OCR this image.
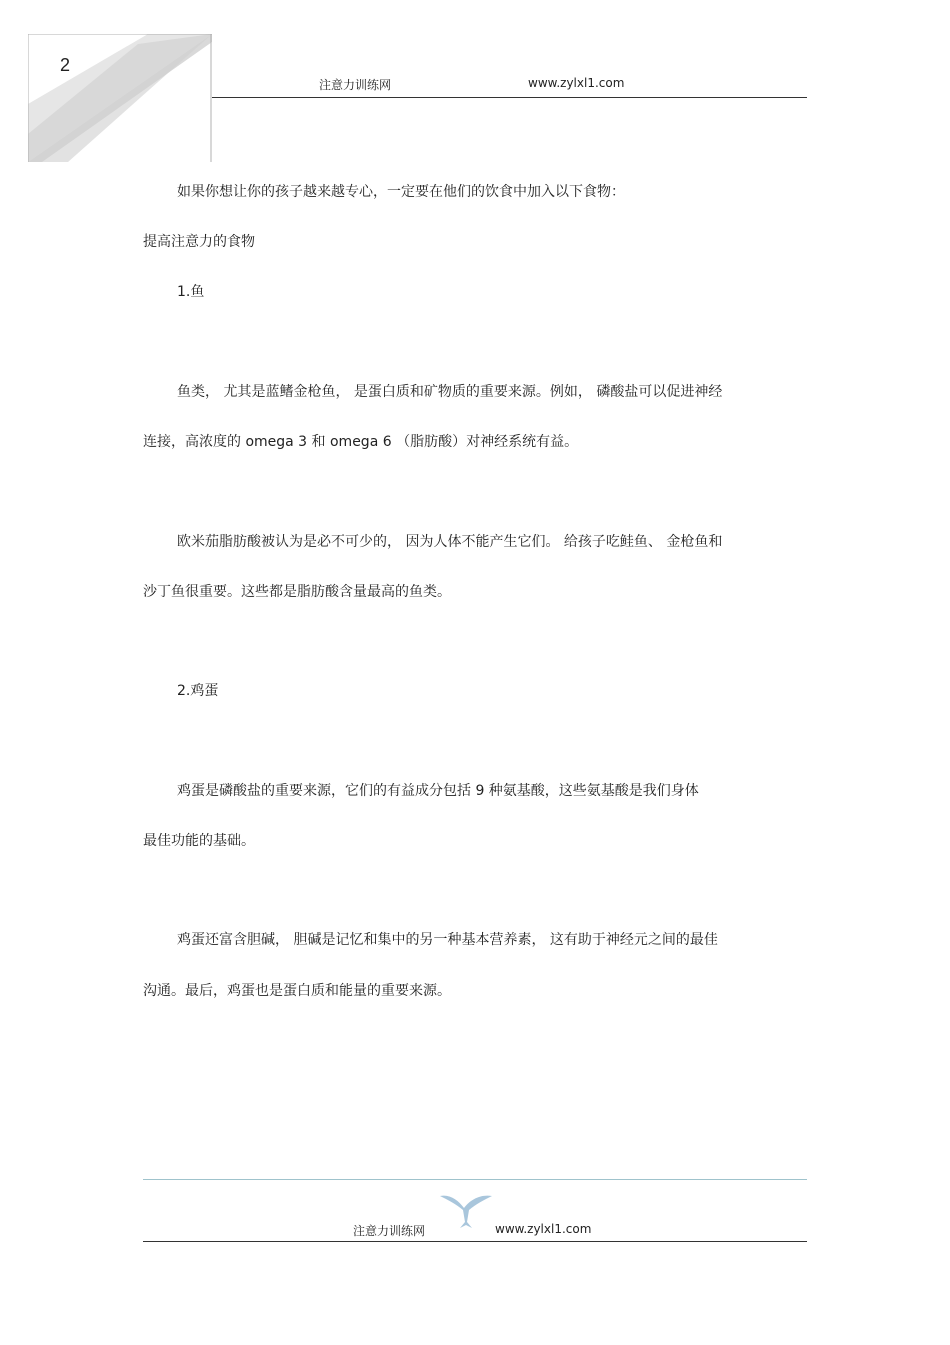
2
注意力训练网	www.zylxl1.com
如果你想让你的孩子越来越专心，一定要在他们的饮食中加入以下食物：
提高注意力的食物
1.鱼
鱼类， 尤其是蓝鳍金枪鱼， 是蛋白质和矿物质的重要来源。例如， 磷酸盐可以促进神经
连接，高浓度的 omega 3 和 omega 6 （脂肪酸）对神经系统有益。
欧米茄脂肪酸被认为是必不可少的， 因为人体不能产生它们。 给孩子吃鲑鱼、 金枪鱼和
沙丁鱼很重要。这些都是脂肪酸含量最高的鱼类。
2.鸡蛋
鸡蛋是磷酸盐的重要来源，它们的有益成分包括 9 种氨基酸，这些氨基酸是我们身体
最佳功能的基础。
鸡蛋还富含胆碱， 胆碱是记忆和集中的另一种基本营养素， 这有助于神经元之间的最佳
沟通。最后，鸡蛋也是蛋白质和能量的重要来源。
注意力训练网	www.zylxl1.com
